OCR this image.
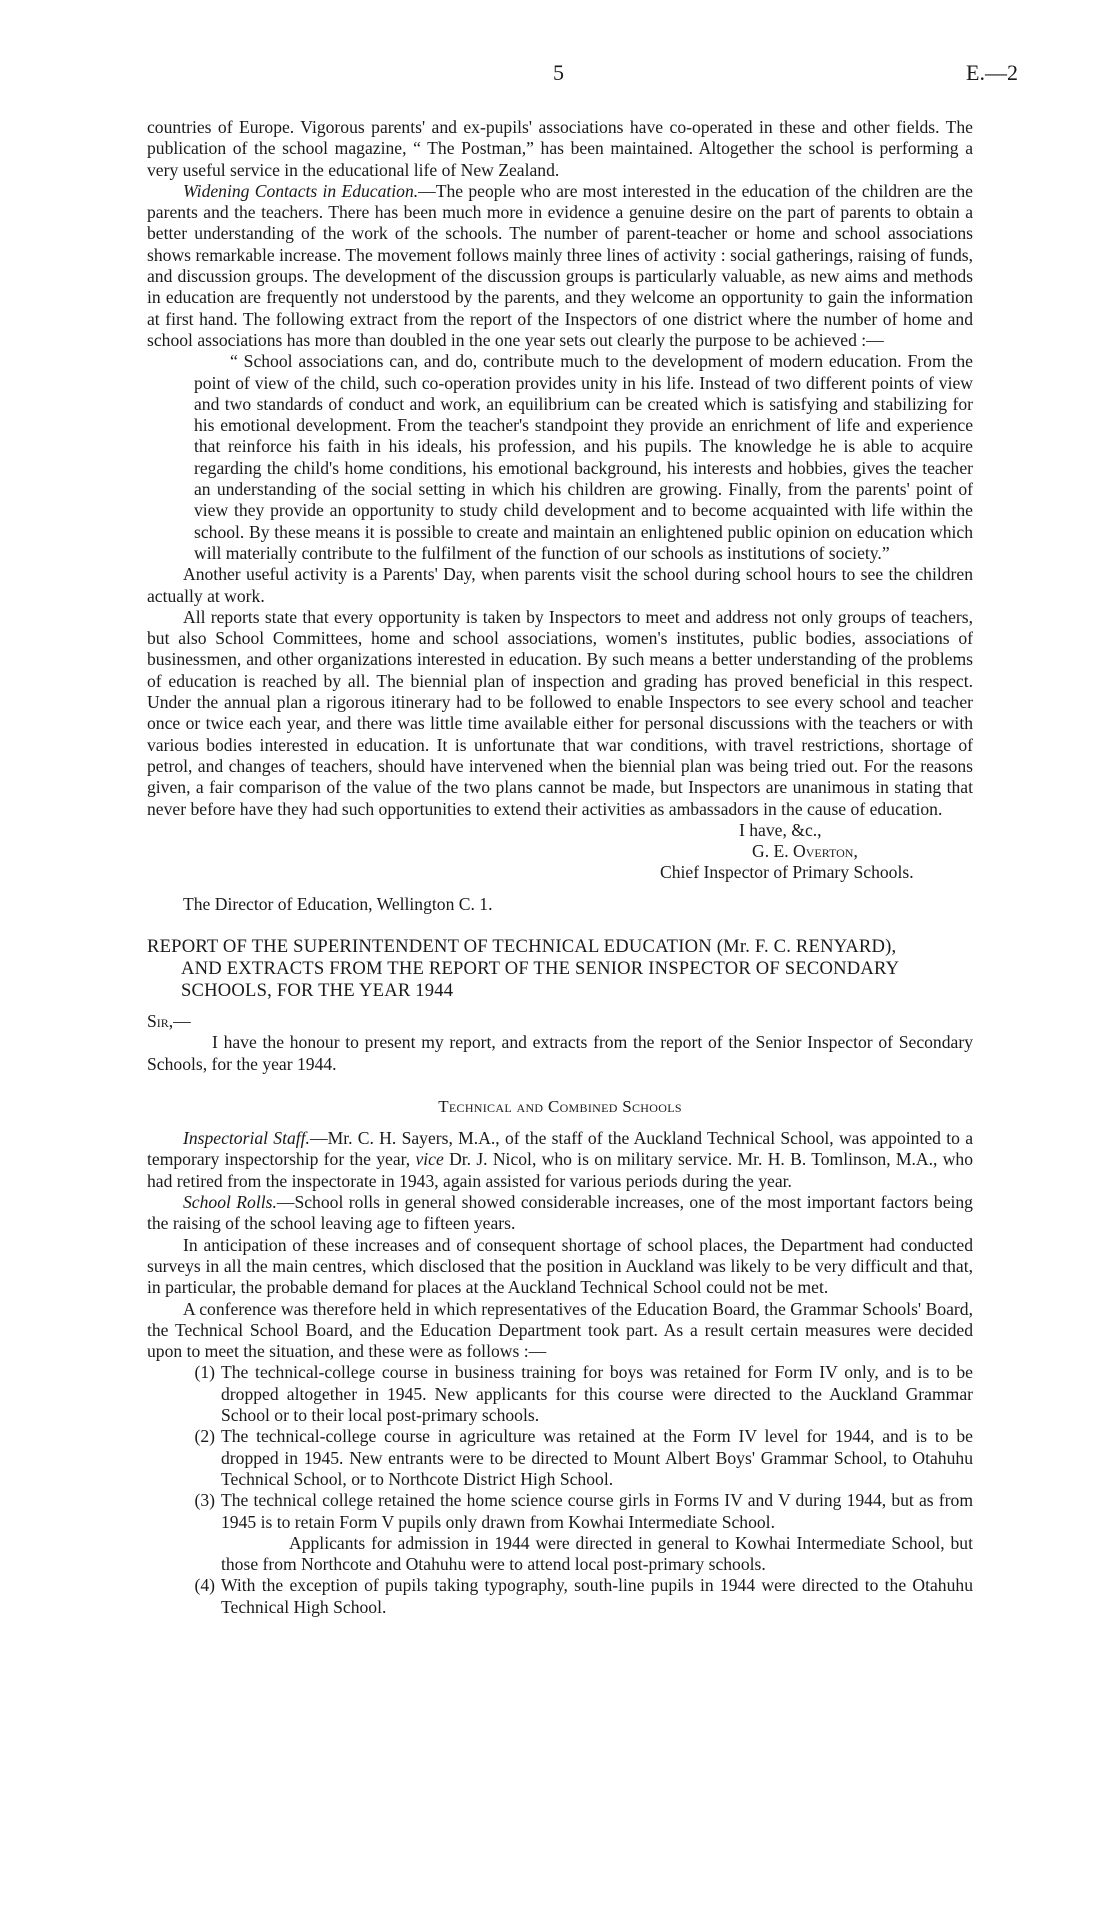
5	E.—2

countries of Europe. Vigorous parents' and ex-pupils' associations have co-operated in these and other fields. The publication of the school magazine, “ The Postman,” has been maintained. Altogether the school is performing a very useful service in the educational life of New Zealand.

Widening Contacts in Education.—The people who are most interested in the education of the children are the parents and the teachers. There has been much more in evidence a genuine desire on the part of parents to obtain a better understanding of the work of the schools. The number of parent-teacher or home and school associations shows remarkable increase. The movement follows mainly three lines of activity : social gatherings, raising of funds, and discussion groups. The development of the discussion groups is particularly valuable, as new aims and methods in education are frequently not understood by the parents, and they welcome an opportunity to gain the information at first hand. The following extract from the report of the Inspectors of one district where the number of home and school associations has more than doubled in the one year sets out clearly the purpose to be achieved :—

“ School associations can, and do, contribute much to the development of modern education. From the point of view of the child, such co-operation provides unity in his life. Instead of two different points of view and two standards of conduct and work, an equilibrium can be created which is satisfying and stabilizing for his emotional development. From the teacher's standpoint they provide an enrichment of life and experience that reinforce his faith in his ideals, his profession, and his pupils. The knowledge he is able to acquire regarding the child's home conditions, his emotional background, his interests and hobbies, gives the teacher an understanding of the social setting in which his children are growing. Finally, from the parents' point of view they provide an opportunity to study child development and to become acquainted with life within the school. By these means it is possible to create and maintain an enlightened public opinion on education which will materially contribute to the fulfilment of the function of our schools as institutions of society.”

Another useful activity is a Parents' Day, when parents visit the school during school hours to see the children actually at work.

All reports state that every opportunity is taken by Inspectors to meet and address not only groups of teachers, but also School Committees, home and school associations, women's institutes, public bodies, associations of businessmen, and other organizations interested in education. By such means a better understanding of the problems of education is reached by all. The biennial plan of inspection and grading has proved beneficial in this respect. Under the annual plan a rigorous itinerary had to be followed to enable Inspectors to see every school and teacher once or twice each year, and there was little time available either for personal discussions with the teachers or with various bodies interested in education. It is unfortunate that war conditions, with travel restrictions, shortage of petrol, and changes of teachers, should have intervened when the biennial plan was being tried out. For the reasons given, a fair comparison of the value of the two plans cannot be made, but Inspectors are unanimous in stating that never before have they had such opportunities to extend their activities as ambassadors in the cause of education.

I have, &c.,

G. E. Overton,

Chief Inspector of Primary Schools.

The Director of Education, Wellington C. 1.

REPORT OF THE SUPERINTENDENT OF TECHNICAL EDUCATION (Mr. F. C. RENYARD),
AND EXTRACTS FROM THE REPORT OF THE SENIOR INSPECTOR OF SECONDARY
SCHOOLS, FOR THE YEAR 1944

Sir,—

I have the honour to present my report, and extracts from the report of the Senior Inspector of Secondary Schools, for the year 1944.

Technical and Combined Schools

Inspectorial Staff.—Mr. C. H. Sayers, M.A., of the staff of the Auckland Technical School, was appointed to a temporary inspectorship for the year, vice Dr. J. Nicol, who is on military service. Mr. H. B. Tomlinson, M.A., who had retired from the inspectorate in 1943, again assisted for various periods during the year.

School Rolls.—School rolls in general showed considerable increases, one of the most important factors being the raising of the school leaving age to fifteen years.

In anticipation of these increases and of consequent shortage of school places, the Department had conducted surveys in all the main centres, which disclosed that the position in Auckland was likely to be very difficult and that, in particular, the probable demand for places at the Auckland Technical School could not be met.

A conference was therefore held in which representatives of the Education Board, the Grammar Schools' Board, the Technical School Board, and the Education Department took part. As a result certain measures were decided upon to meet the situation, and these were as follows :—

(1) The technical-college course in business training for boys was retained for Form IV only, and is to be dropped altogether in 1945. New applicants for this course were directed to the Auckland Grammar School or to their local post-primary schools.
(2) The technical-college course in agriculture was retained at the Form IV level for 1944, and is to be dropped in 1945. New entrants were to be directed to Mount Albert Boys' Grammar School, to Otahuhu Technical School, or to Northcote District High School.
(3) The technical college retained the home science course girls in Forms IV and V during 1944, but as from 1945 is to retain Form V pupils only drawn from Kowhai Intermediate School.

Applicants for admission in 1944 were directed in general to Kowhai Intermediate School, but those from Northcote and Otahuhu were to attend local post-primary schools.

(4) With the exception of pupils taking typography, south-line pupils in 1944 were directed to the Otahuhu Technical High School.
